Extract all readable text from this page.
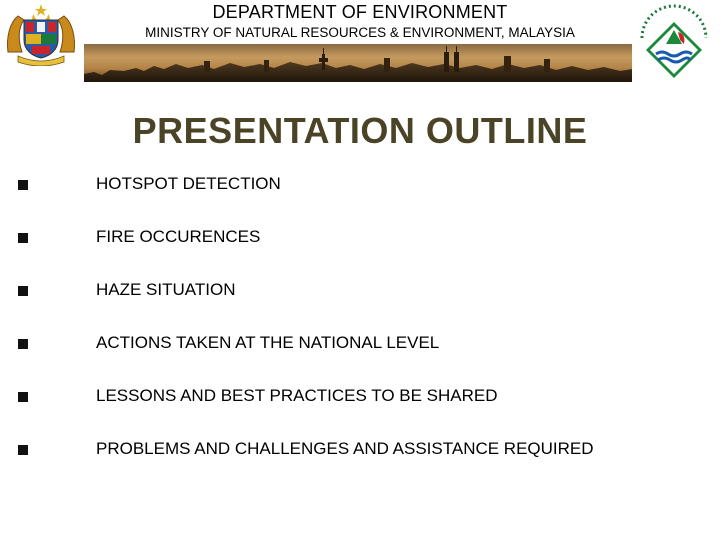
DEPARTMENT OF ENVIRONMENT
MINISTRY OF NATURAL RESOURCES & ENVIRONMENT, MALAYSIA
PRESENTATION OUTLINE
HOTSPOT DETECTION
FIRE OCCURENCES
HAZE SITUATION
ACTIONS TAKEN AT THE NATIONAL LEVEL
LESSONS AND BEST PRACTICES TO BE SHARED
PROBLEMS AND CHALLENGES AND ASSISTANCE REQUIRED
